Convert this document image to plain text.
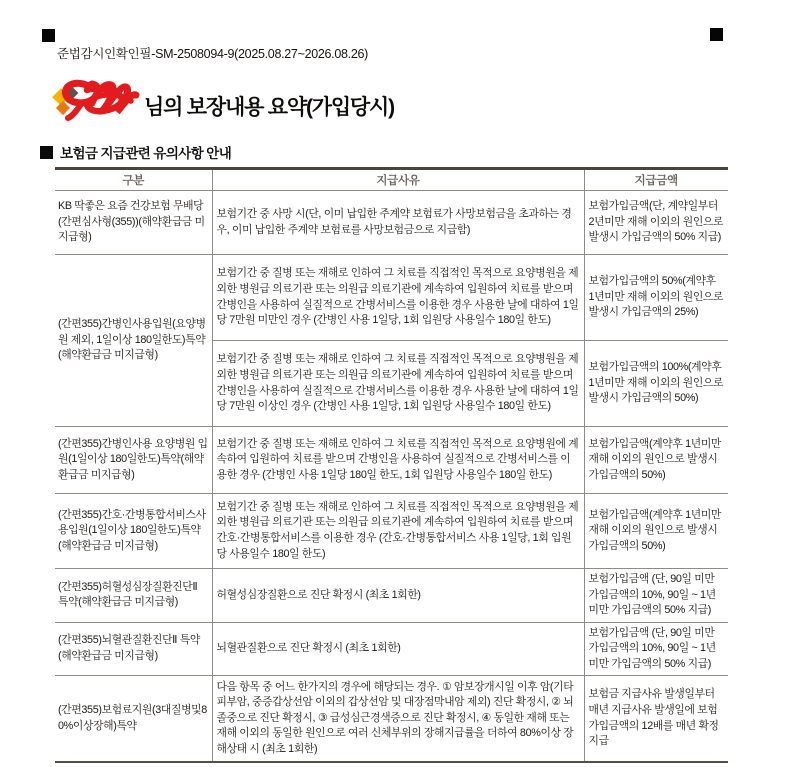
준법감시인확인필-SM-2508094-9(2025.08.27~2026.08.26)
님의 보장내용 요약(가입당시)
보험금 지급관련 유의사항 안내
구분	지급사유	지급금액
KB 딱좋은 요즘 건강보험 무배당(간편심사형(355))(해약환급금 미지급형)	보험기간 중 사망 시(단, 이미 납입한 주계약 보험료가 사망보험금을 초과하는 경우, 이미 납입한 주계약 보험료를 사망보험금으로 지급함)	보험가입금액(단, 계약일부터 2년미만 재해 이외의 원인으로 발생시 가입금액의 50% 지급)
(간편355)간병인사용입원(요양병원 제외, 1일이상 180일한도)특약(해약환급금 미지급형)	보험기간 중 질병 또는 재해로 인하여 그 치료를 직접적인 목적으로 요양병원을 제외한 병원급 의료기관 또는 의원급 의료기관에 계속하여 입원하여 치료를 받으며 간병인을 사용하여 실질적으로 간병서비스를 이용한 경우 사용한 날에 대하여 1일당 7만원 미만인 경우 (간병인 사용 1일당, 1회 입원당 사용일수 180일 한도)	보험가입금액의 50%(계약후 1년미만 재해 이외의 원인으로 발생시 가입금액의 25%)
	보험기간 중 질병 또는 재해로 인하여 그 치료를 직접적인 목적으로 요양병원을 제외한 병원급 의료기관 또는 의원급 의료기관에 계속하여 입원하여 치료를 받으며 간병인을 사용하여 실질적으로 간병서비스를 이용한 경우 사용한 날에 대하여 1일당 7만원 이상인 경우 (간병인 사용 1일당, 1회 입원당 사용일수 180일 한도)	보험가입금액의 100%(계약후 1년미만 재해 이외의 원인으로 발생시 가입금액의 50%)
(간편355)간병인사용 요양병원 입원(1일이상 180일한도)특약(해약환급금 미지급형)	보험기간 중 질병 또는 재해로 인하여 그 치료를 직접적인 목적으로 요양병원에 계속하여 입원하여 치료를 받으며 간병인을 사용하여 실질적으로 간병서비스를 이용한 경우 (간병인 사용 1일당 180일 한도, 1회 입원당 사용일수 180일 한도)	보험가입금액(계약후 1년미만 재해 이외의 원인으로 발생시 가입금액의 50%)
(간편355)간호·간병통합서비스사용입원(1일이상 180일한도)특약(해약환급금 미지급형)	보험기간 중 질병 또는 재해로 인하여 그 치료를 직접적인 목적으로 요양병원을 제외한 병원급 의료기관 또는 의원급 의료기관에 계속하여 입원하여 치료를 받으며 간호·간병통합서비스를 이용한 경우 (간호·간병통합서비스 사용 1일당, 1회 입원당 사용일수 180일 한도)	보험가입금액(계약후 1년미만 재해 이외의 원인으로 발생시 가입금액의 50%)
(간편355)허혈성심장질환진단Ⅱ 특약(해약환급금 미지급형)	허혈성심장질환으로 진단 확정시 (최초 1회한)	보험가입금액 (단, 90일 미만 가입금액의 10%, 90일 ~ 1년미만 가입금액의 50% 지급)
(간편355)뇌혈관질환진단Ⅱ 특약(해약환급금 미지급형)	뇌혈관질환으로 진단 확정시 (최초 1회한)	보험가입금액 (단, 90일 미만 가입금액의 10%, 90일 ~ 1년미만 가입금액의 50% 지급)
(간편355)보험료지원(3대질병및80%이상장해)특약	다음 항목 중 어느 한가지의 경우에 해당되는 경우. ① 암보장개시일 이후 암(기타피부암, 중증갑상선암 이외의 갑상선암 및 대장점막내암 제외) 진단 확정시, ② 뇌졸중으로 진단 확정시, ③ 급성심근경색증으로 진단 확정시, ④ 동일한 재해 또는 재해 이외의 동일한 원인으로 여러 신체부위의 장해지급률을 더하여 80%이상 장해상태 시 (최초 1회한)	보험금 지급사유 발생일부터 매년 지급사유 발생일에 보험가입금액의 12배를 매년 확정지급
